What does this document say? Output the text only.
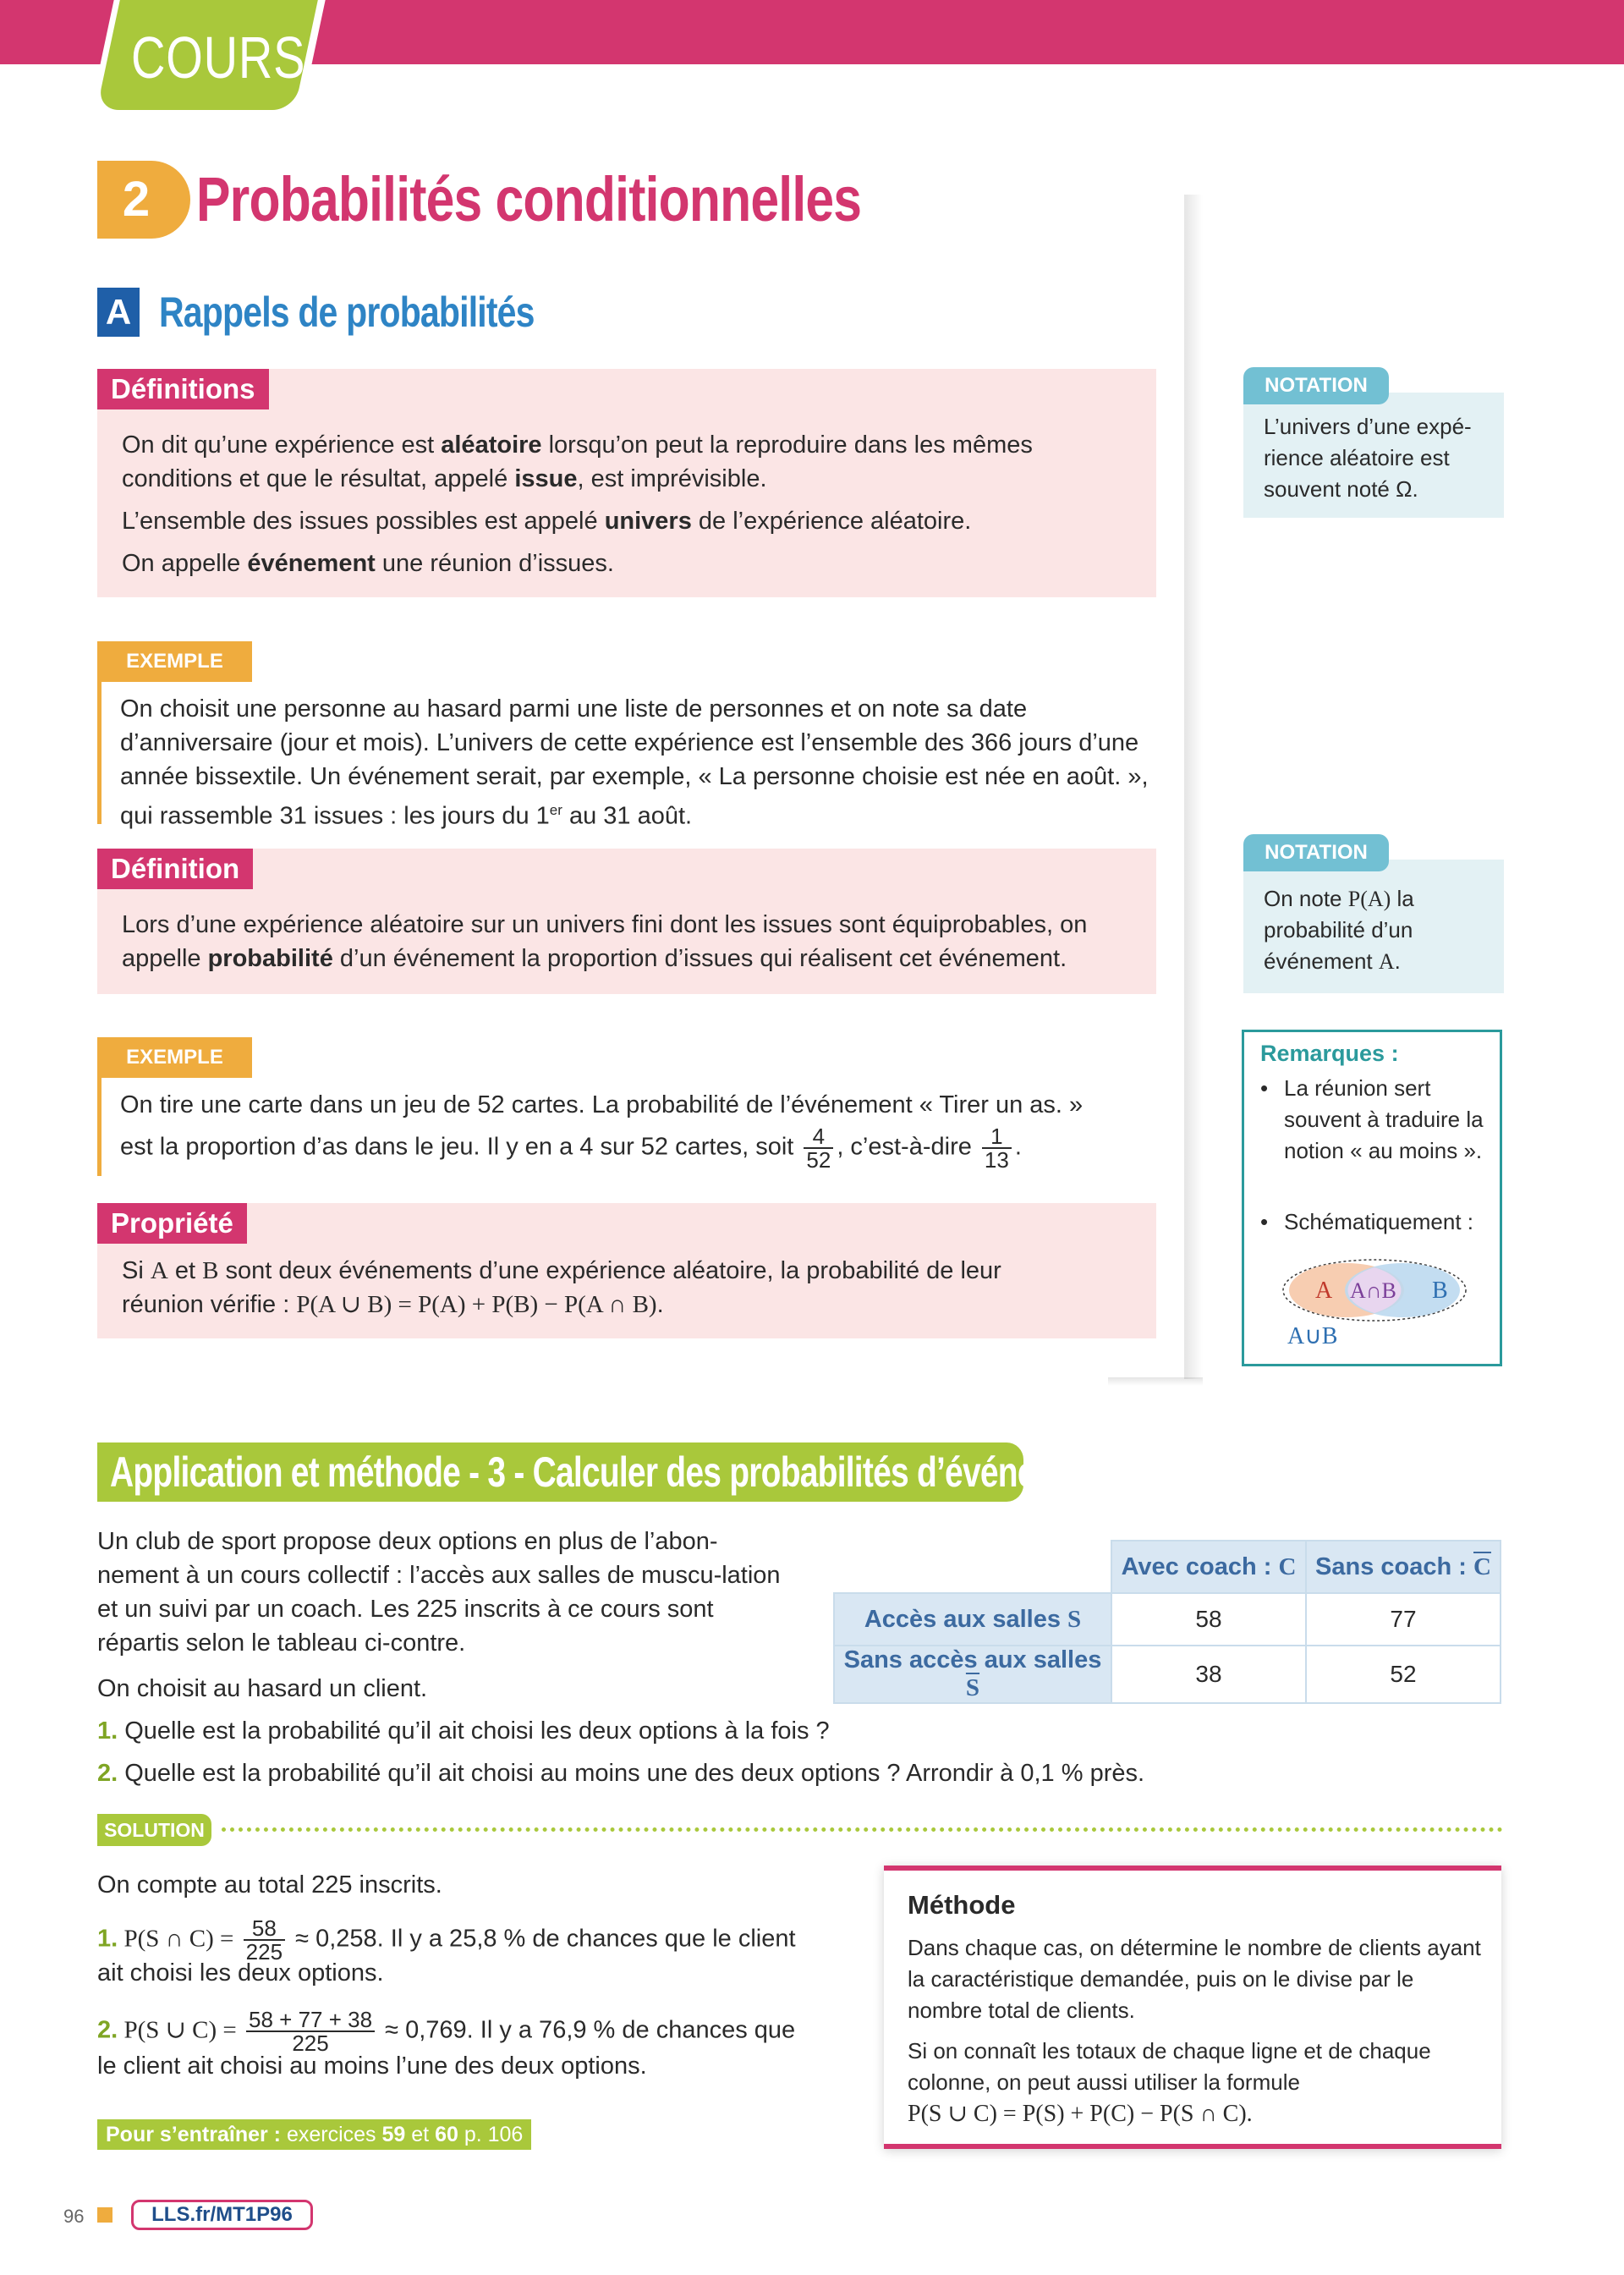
COURS
2 Probabilités conditionnelles
A Rappels de probabilités
Définitions
On dit qu’une expérience est aléatoire lorsqu’on peut la reproduire dans les mêmes conditions et que le résultat, appelé issue, est imprévisible.
L’ensemble des issues possibles est appelé univers de l’expérience aléatoire.
On appelle événement une réunion d’issues.
EXEMPLE
On choisit une personne au hasard parmi une liste de personnes et on note sa date d’anniversaire (jour et mois). L’univers de cette expérience est l’ensemble des 366 jours d’une année bissextile. Un événement serait, par exemple, « La personne choisie est née en août. », qui rassemble 31 issues : les jours du 1er au 31 août.
Définition
Lors d’une expérience aléatoire sur un univers fini dont les issues sont équiprobables, on appelle probabilité d’un événement la proportion d’issues qui réalisent cet événement.
EXEMPLE
On tire une carte dans un jeu de 52 cartes. La probabilité de l’événement « Tirer un as. »
est la proportion d’as dans le jeu. Il y en a 4 sur 52 cartes, soit $\frac{4}{52}$ , c’est-à-dire $\frac{1}{13}$ .
Propriété
Si A et B sont deux événements d’une expérience aléatoire, la probabilité de leur
réunion vérifie : P(A ∪ B) = P(A) + P(B) − P(A ∩ B).
NOTATION
L’univers d’une expé-rience aléatoire est souvent noté Ω.
NOTATION
On note P(A) la probabilité d’un événement A.
Remarques :
• La réunion sert souvent à traduire la notion « au moins ».
• Schématiquement :
A A∩B B
A∪B
Application et méthode - 3 - Calculer des probabilités d’événements
Un club de sport propose deux options en plus de l’abon-nement à un cours collectif : l’accès aux salles de muscu-lation et un suivi par un coach. Les 225 inscrits à ce cours sont répartis selon le tableau ci-contre.
On choisit au hasard un client.
1. Quelle est la probabilité qu’il ait choisi les deux options à la fois ?
2. Quelle est la probabilité qu’il ait choisi au moins une des deux options ? Arrondir à 0,1 % près.
	Avec coach : C	Sans coach : $\overline{C}$
Accès aux salles S	58	77
Sans accès aux salles $\overline{S}$	38	52
SOLUTION
On compte au total 225 inscrits.
1. P(S ∩ $C) = \frac{58}{225} \approx 0,258$. Il y a 25,8 % de chances que le client
ait choisi les deux options.
2. P(S ∪ $C) = \frac{58 + 77 + 38}{225} \approx 0,769$. Il y a 76,9 % de chances que
le client ait choisi au moins l’une des deux options.
Méthode
Dans chaque cas, on détermine le nombre de clients ayant la caractéristique demandée, puis on le divise par le nombre total de clients.
Si on connaît les totaux de chaque ligne et de chaque colonne, on peut aussi utiliser la formule
P(S ∪ C) = P(S) + P(C) − P(S ∩ C).
Pour s’entraîner : exercices 59 et 60 p. 106
96	LLS.fr/MT1P96
